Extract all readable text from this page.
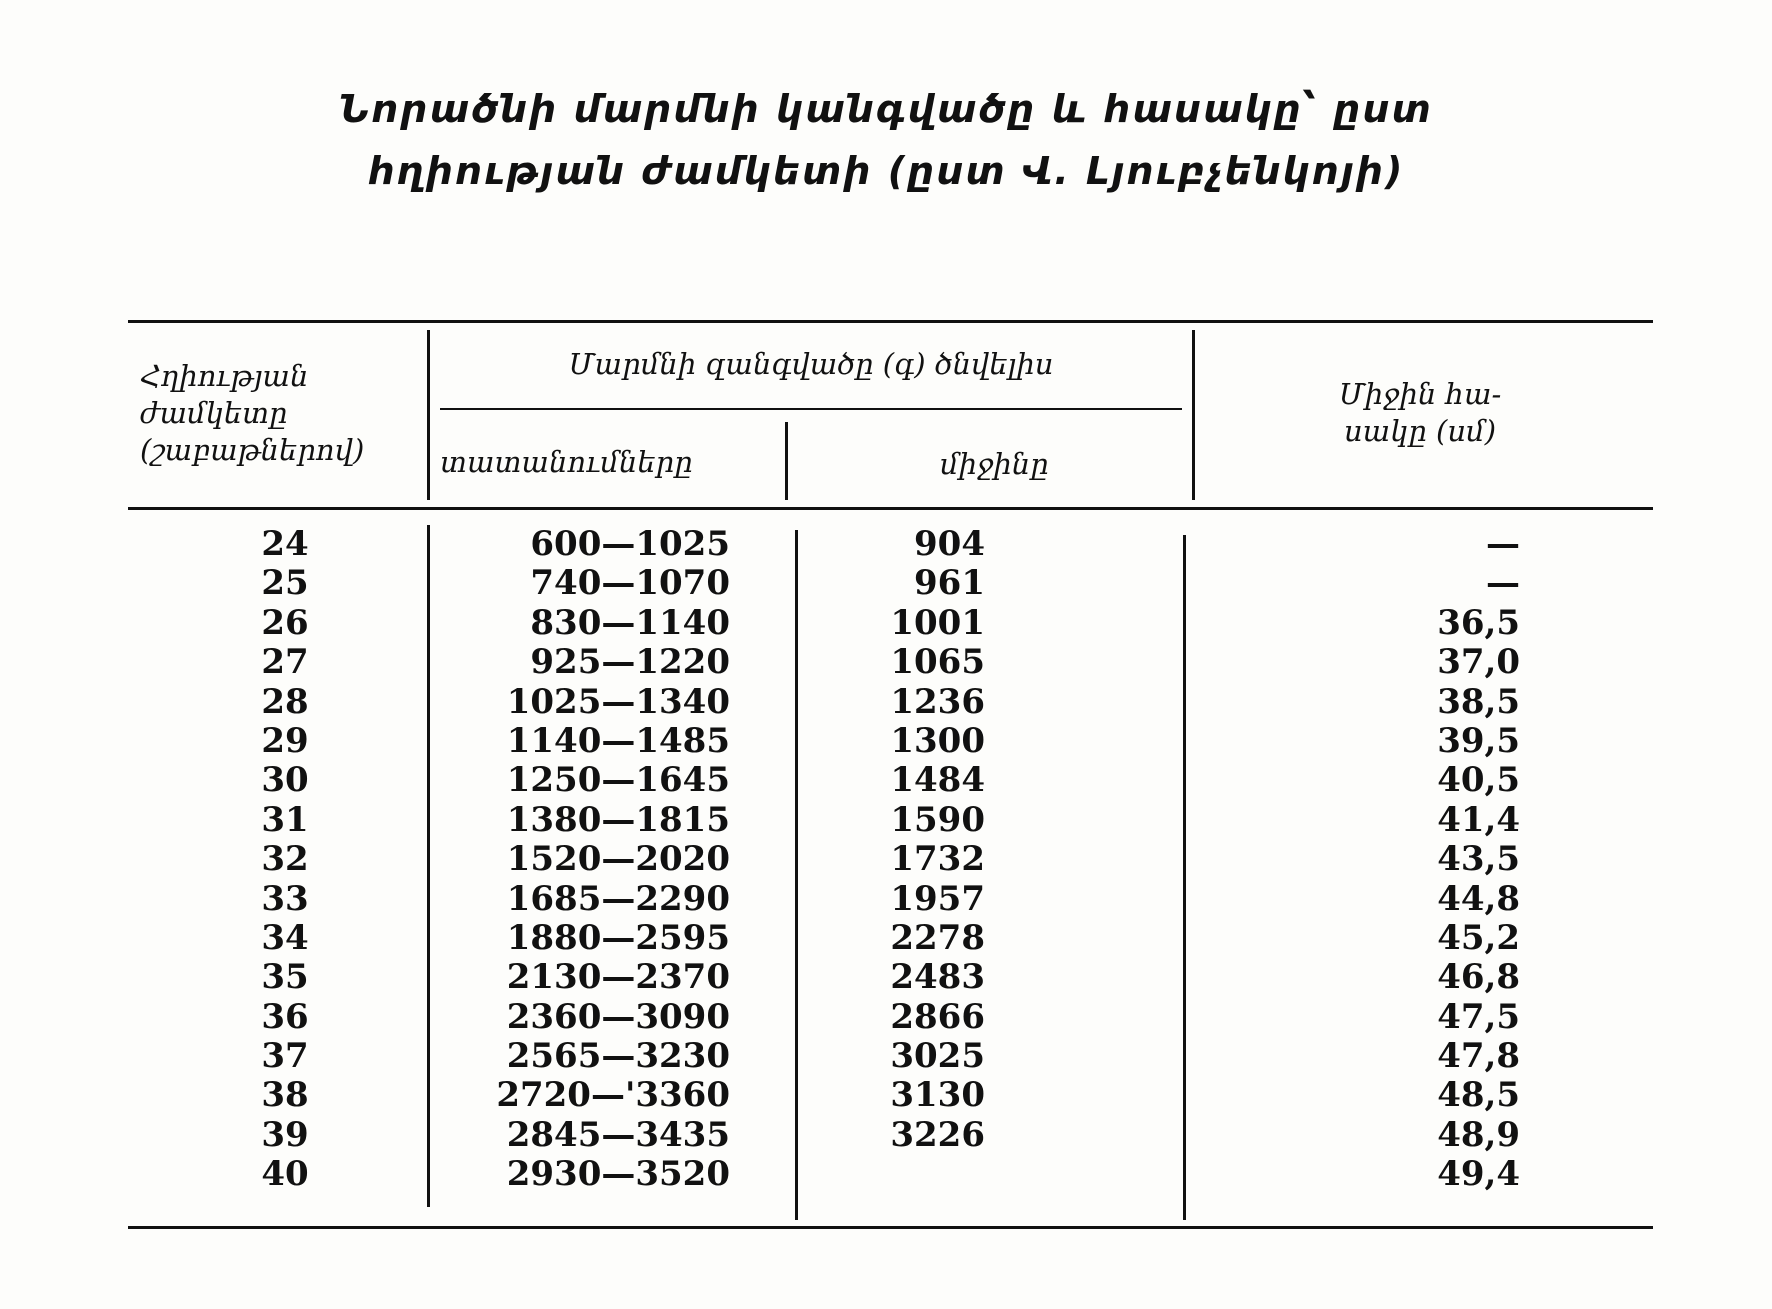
Նորածնի մարմնի կանգվածը և հասակը՝ ըստ
հղիության ժամկետի (ըստ Վ. Լյուբչենկոյի)
Հղիության
ժամկետը
(շաբաթներով)
Մարմնի զանգվածը (գ) ծնվելիս
տատանումները	միջինը
Միջին հա-
սակը (սմ)
24
25
26
27
28
29
30
31
32
33
34
35
36
37
38
39
40
600—1025
740—1070
830—1140
925—1220
1025—1340
1140—1485
1250—1645
1380—1815
1520—2020
1685—2290
1880—2595
2130—2370
2360—3090
2565—3230
2720—'3360
2845—3435
2930—3520
904
961
1001
1065
1236
1300
1484
1590
1732
1957
2278
2483
2866
3025
3130
3226
—
—
36,5
37,0
38,5
39,5
40,5
41,4
43,5
44,8
45,2
46,8
47,5
47,8
48,5
48,9
49,4
